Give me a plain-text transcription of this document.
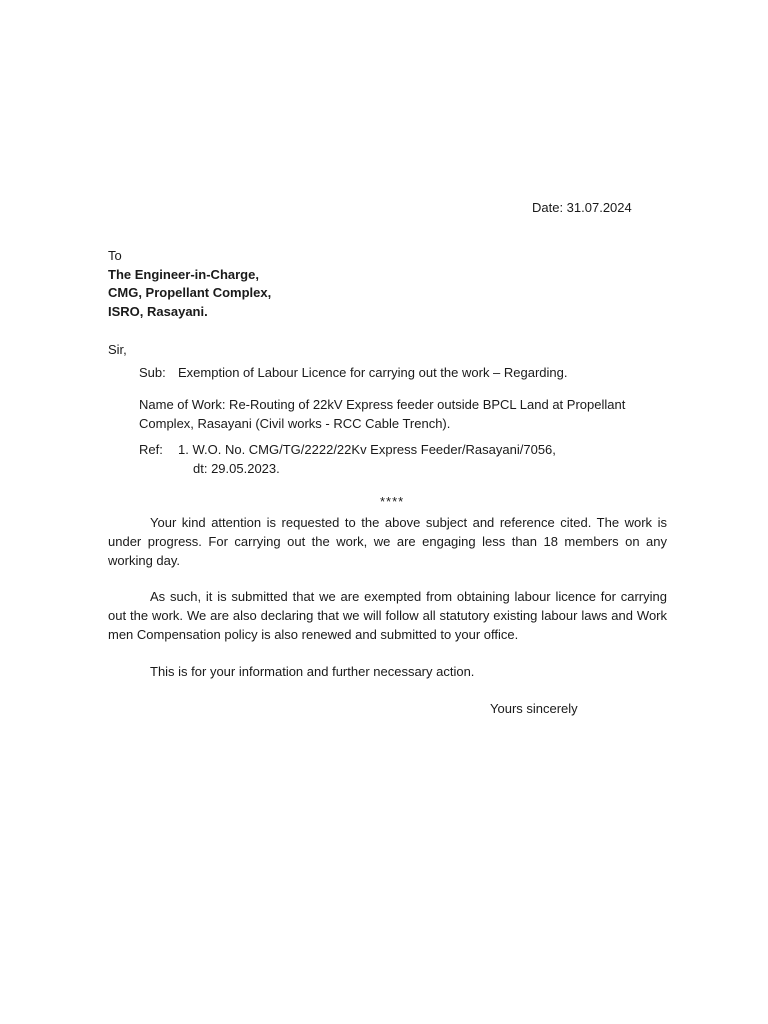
Date: 31.07.2024
To
The Engineer-in-Charge,
CMG, Propellant Complex,
ISRO, Rasayani.
Sir,
Sub: Exemption of Labour Licence for carrying out the work – Regarding.
Name of Work: Re-Routing of 22kV Express feeder outside BPCL Land at Propellant Complex, Rasayani (Civil works - RCC Cable Trench).
Ref: 1. W.O. No. CMG/TG/2222/22Kv Express Feeder/Rasayani/7056,
dt: 29.05.2023.
****
Your kind attention is requested to the above subject and reference cited. The work is under progress. For carrying out the work, we are engaging less than 18 members on any working day.
As such, it is submitted that we are exempted from obtaining labour licence for carrying out the work. We are also declaring that we will follow all statutory existing labour laws and Work men Compensation policy is also renewed and submitted to your office.
This is for your information and further necessary action.
Yours sincerely
